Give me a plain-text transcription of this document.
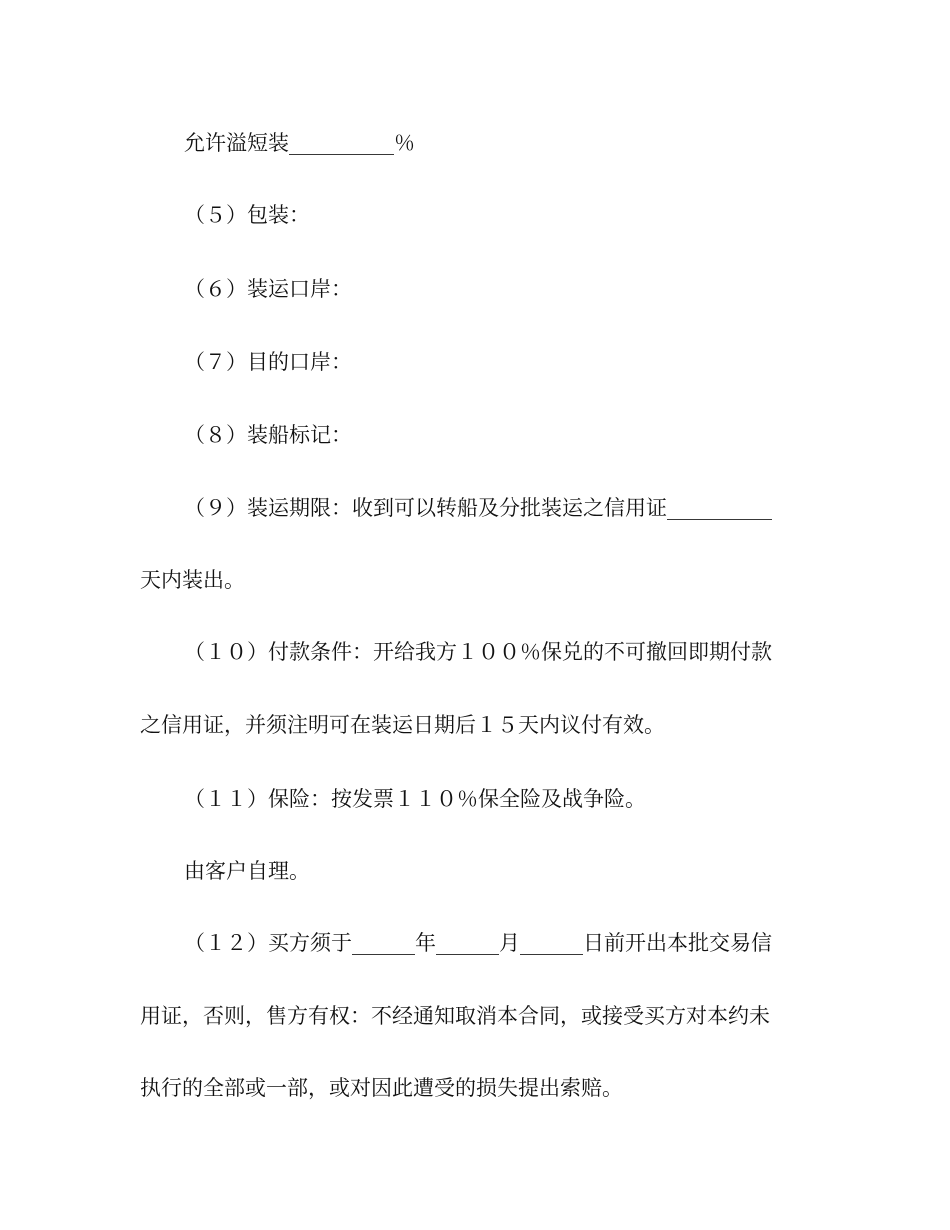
允许溢短装__________％
（５）包装：
（６）装运口岸：
（７）目的口岸：
（８）装船标记：
（９）装运期限：收到可以转船及分批装运之信用证__________
天内装出。
（１０）付款条件：开给我方１００％保兑的不可撤回即期付款
之信用证，并须注明可在装运日期后１５天内议付有效。
（１１）保险：按发票１１０％保全险及战争险。
由客户自理。
（１２）买方须于______年______月______日前开出本批交易信
用证，否则，售方有权：不经通知取消本合同，或接受买方对本约未
执行的全部或一部，或对因此遭受的损失提出索赔。
